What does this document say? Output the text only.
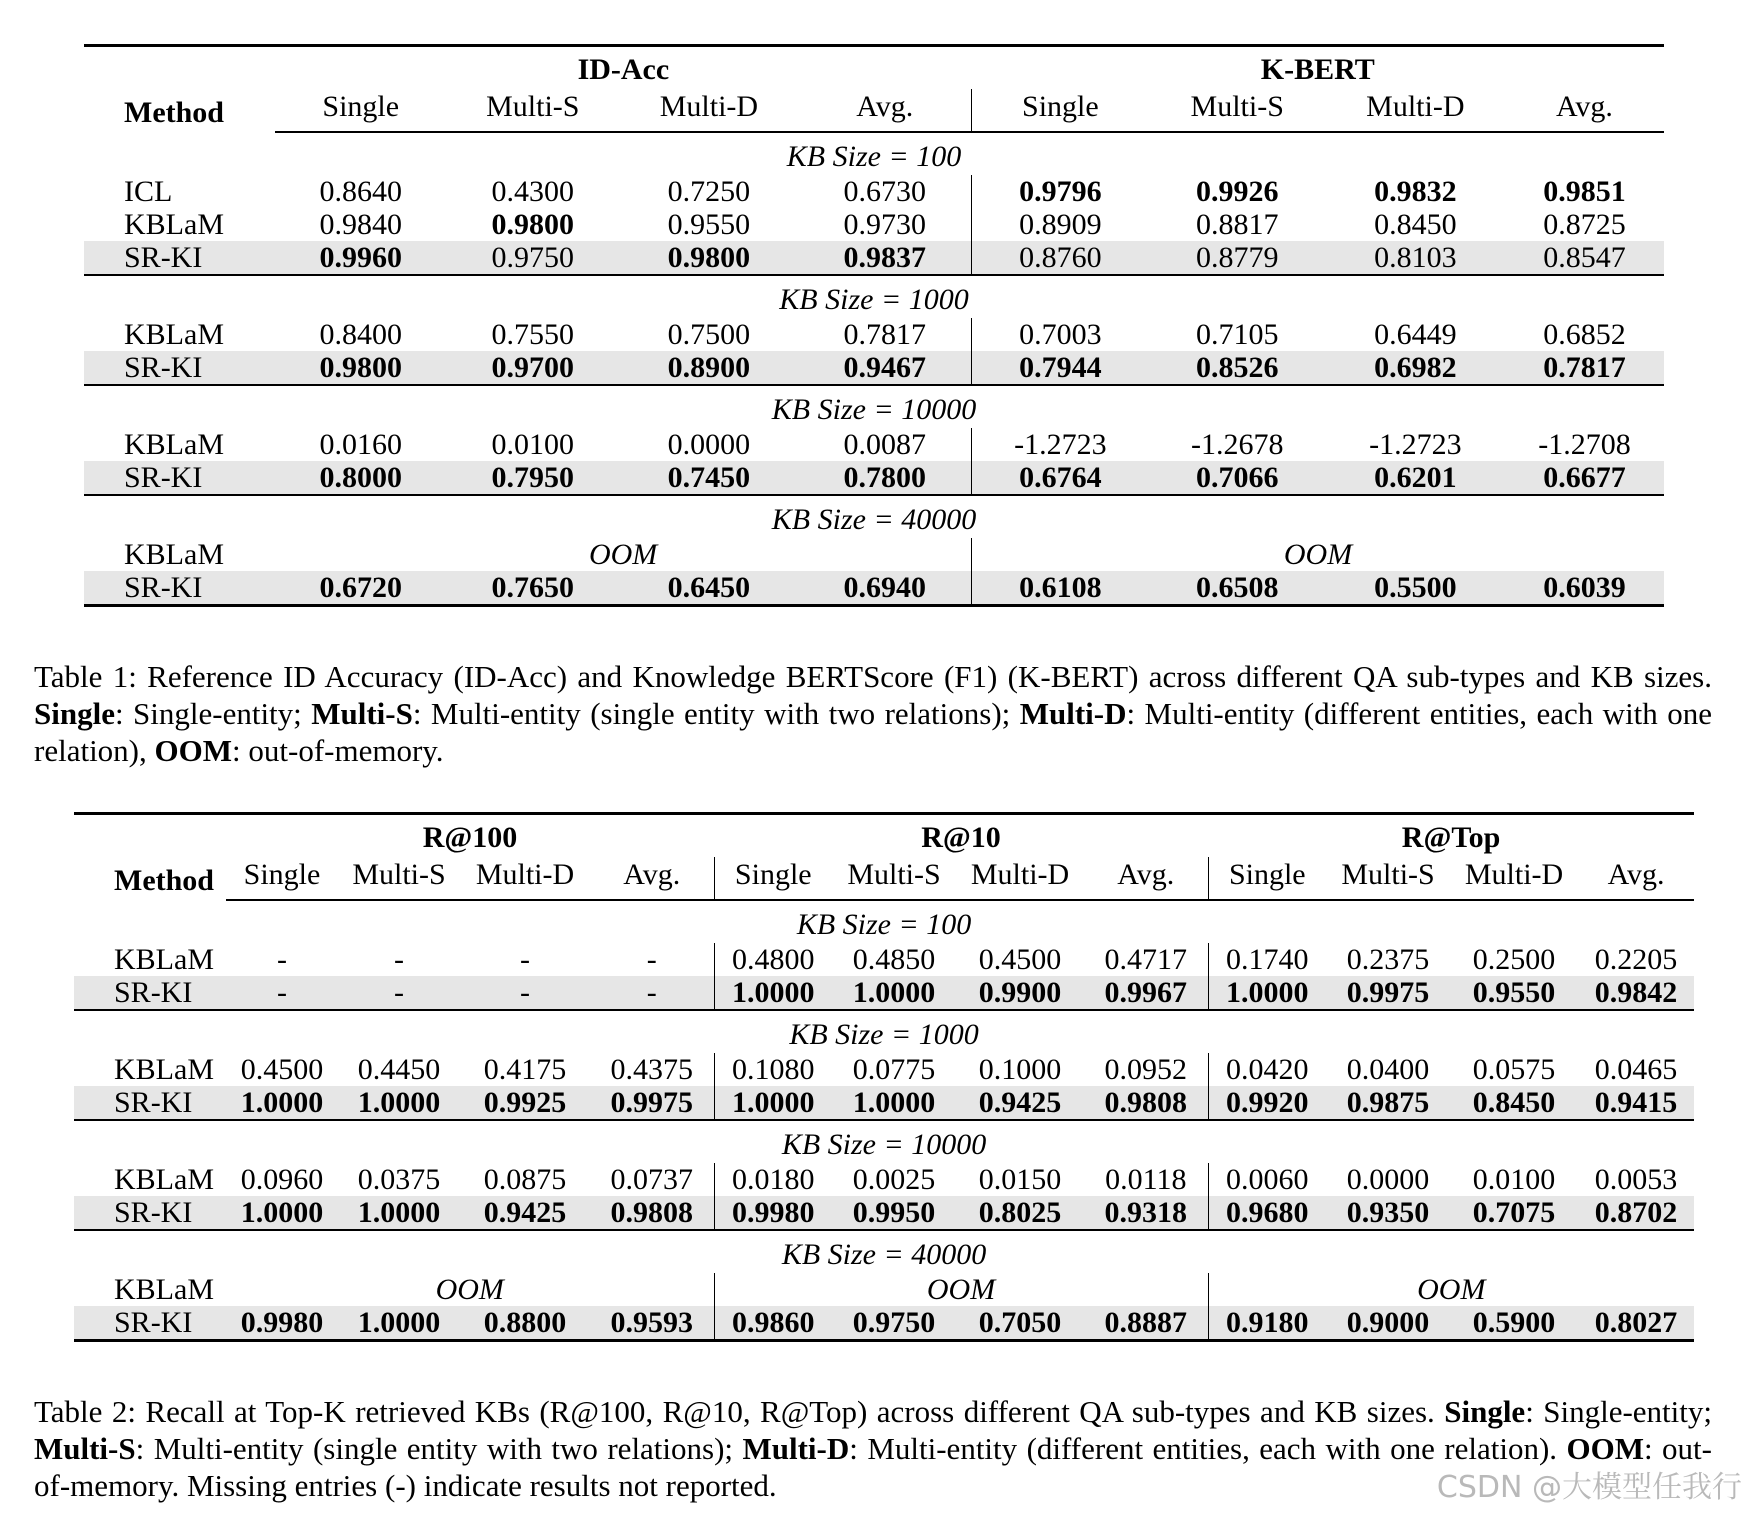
Method	ID-Acc				K-BERT			
	Single	Multi-S	Multi-D	Avg.	Single	Multi-S	Multi-D	Avg.
KB Size = 100								
ICL	0.8640	0.4300	0.7250	0.6730	0.9796	0.9926	0.9832	0.9851
KBLaM	0.9840	0.9800	0.9550	0.9730	0.8909	0.8817	0.8450	0.8725
SR-KI	0.9960	0.9750	0.9800	0.9837	0.8760	0.8779	0.8103	0.8547
KB Size = 1000								
KBLaM	0.8400	0.7550	0.7500	0.7817	0.7003	0.7105	0.6449	0.6852
SR-KI	0.9800	0.9700	0.8900	0.9467	0.7944	0.8526	0.6982	0.7817
KB Size = 10000								
KBLaM	0.0160	0.0100	0.0000	0.0087	-1.2723	-1.2678	-1.2723	-1.2708
SR-KI	0.8000	0.7950	0.7450	0.7800	0.6764	0.7066	0.6201	0.6677
KB Size = 40000								
KBLaM	OOM				OOM			
SR-KI	0.6720	0.7650	0.6450	0.6940	0.6108	0.6508	0.5500	0.6039
Table 1: Reference ID Accuracy (ID-Acc) and Knowledge BERTScore (F1) (K-BERT) across different QA sub-types and KB sizes. Single: Single-entity; Multi-S: Multi-entity (single entity with two relations); Multi-D: Multi-entity (different entities, each with one relation), OOM: out-of-memory.
Method	R@100				R@10				R@Top			
	Single	Multi-S	Multi-D	Avg.	Single	Multi-S	Multi-D	Avg.	Single	Multi-S	Multi-D	Avg.
KB Size = 100												
KBLaM	-	-	-	-	0.4800	0.4850	0.4500	0.4717	0.1740	0.2375	0.2500	0.2205
SR-KI	-	-	-	-	1.0000	1.0000	0.9900	0.9967	1.0000	0.9975	0.9550	0.9842
KB Size = 1000												
KBLaM	0.4500	0.4450	0.4175	0.4375	0.1080	0.0775	0.1000	0.0952	0.0420	0.0400	0.0575	0.0465
SR-KI	1.0000	1.0000	0.9925	0.9975	1.0000	1.0000	0.9425	0.9808	0.9920	0.9875	0.8450	0.9415
KB Size = 10000												
KBLaM	0.0960	0.0375	0.0875	0.0737	0.0180	0.0025	0.0150	0.0118	0.0060	0.0000	0.0100	0.0053
SR-KI	1.0000	1.0000	0.9425	0.9808	0.9980	0.9950	0.8025	0.9318	0.9680	0.9350	0.7075	0.8702
KB Size = 40000												
KBLaM	OOM				OOM				OOM			
SR-KI	0.9980	1.0000	0.8800	0.9593	0.9860	0.9750	0.7050	0.8887	0.9180	0.9000	0.5900	0.8027
Table 2: Recall at Top-K retrieved KBs (R@100, R@10, R@Top) across different QA sub-types and KB sizes. Single: Single-entity; Multi-S: Multi-entity (single entity with two relations); Multi-D: Multi-entity (different entities, each with one relation). OOM: out-of-memory. Missing entries (-) indicate results not reported.	CSDN @大模型任我行
